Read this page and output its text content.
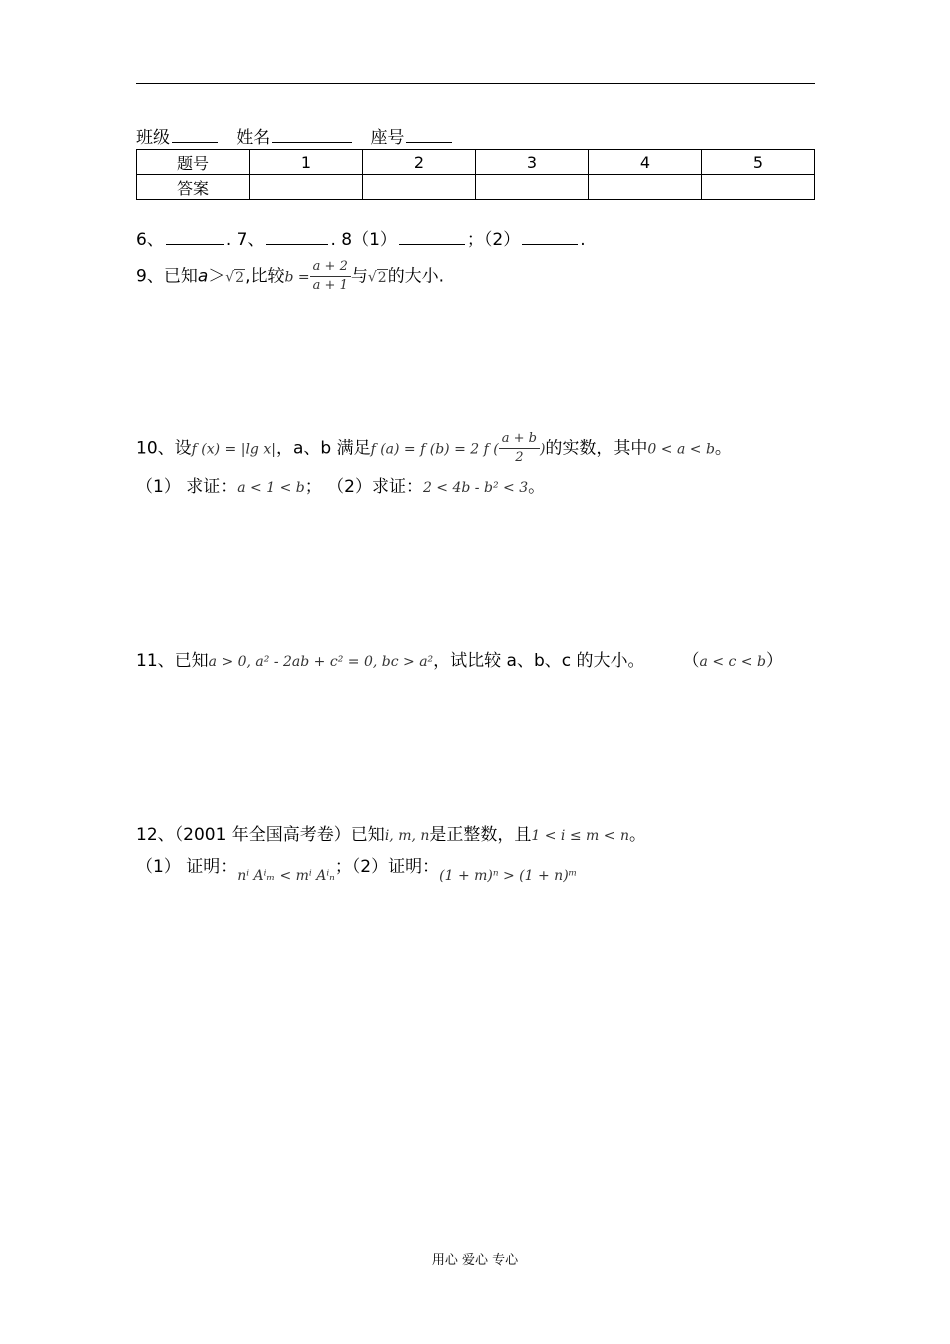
班级	姓名	座号
题号	1	2	3	4	5
答案					
6、	. 7、	. 8（1）	；（2）	.
9、已知a＞√2,比较$b = \frac{a + 2}{a + 1}$ 与√2的大小.
10、设f (x) = |lg x|，a、b 满足f (a) = f (b) = 2 f ( $\frac{a + b}{2}$ )的实数，其中0 < a < b。
（1） 求证：a < 1 < b； （2）求证：2 < 4b - b² < 3。
11、已知a > 0, a² - 2ab + c² = 0, bc > a²，试比较 a、b、c 的大小。 （a < c < b）
12、（2001 年全国高考卷）已知i, m, n是正整数，且1 < i ≤ m < n。
（1） 证明：$_{n^i A^i_m < m^i A^i_n}$；（2）证明：$_{(1 + m)^n > (1 + n)ᵐ}$
用心 爱心 专心
